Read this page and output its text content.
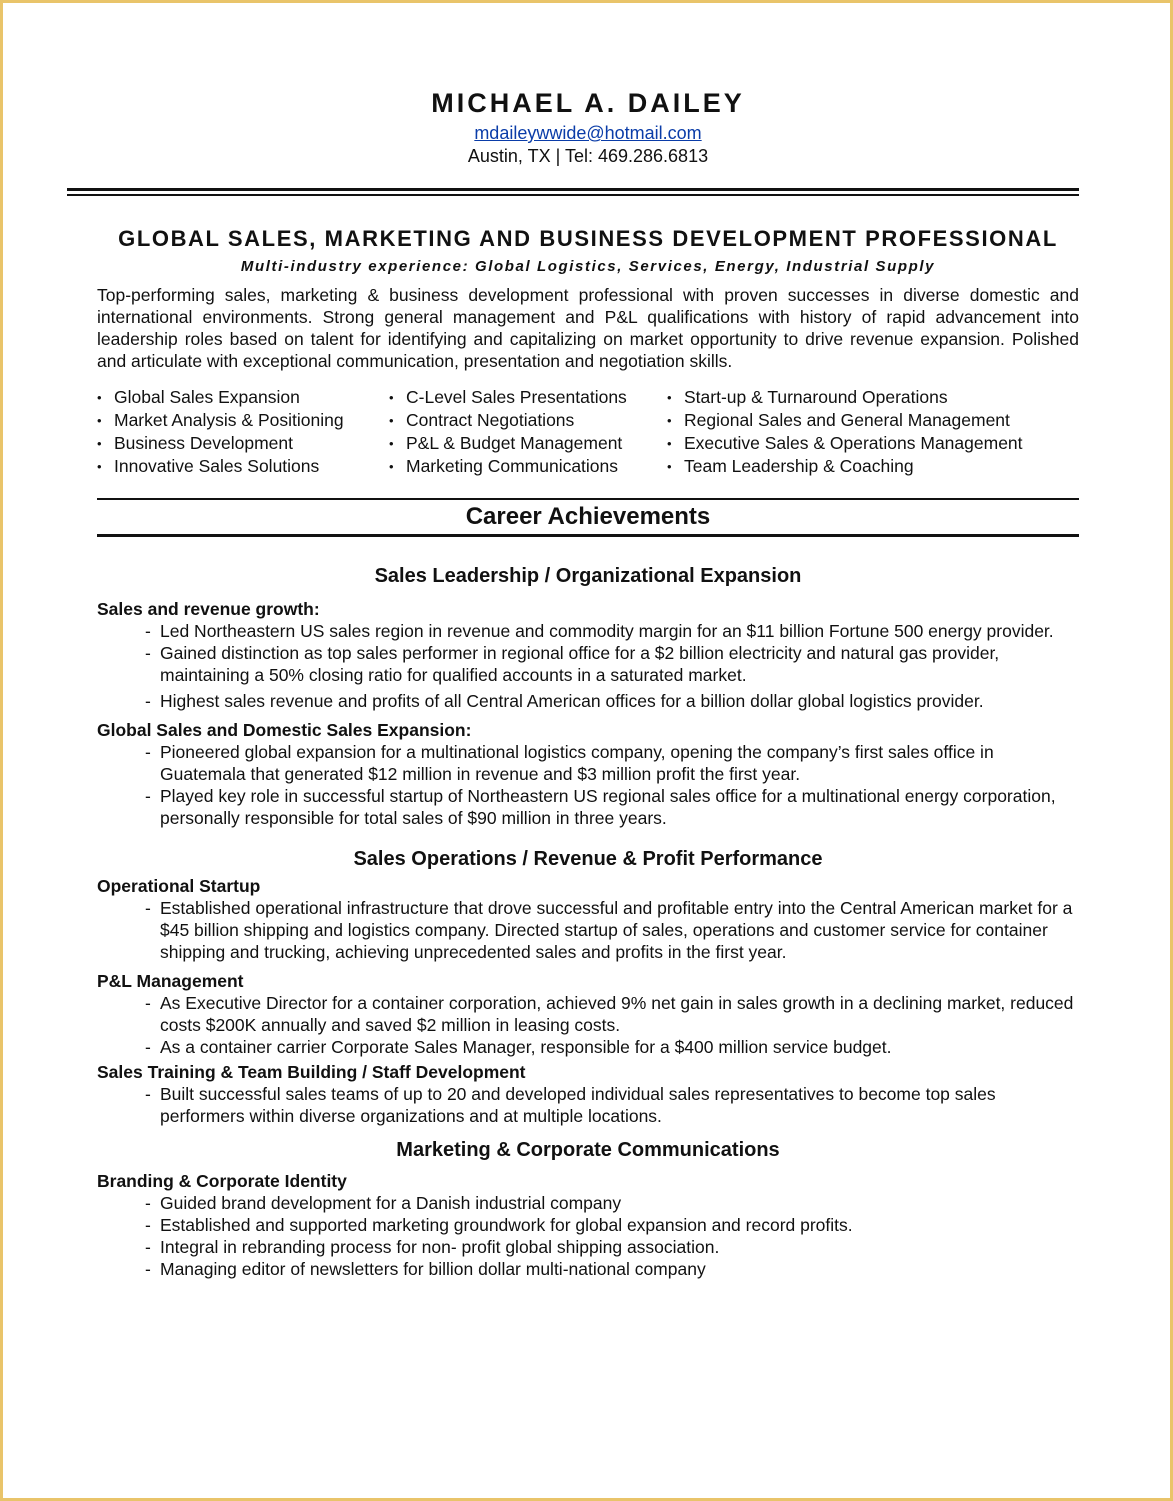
MICHAEL A. DAILEY
mdaileywwide@hotmail.com
Austin, TX | Tel: 469.286.6813
GLOBAL SALES, MARKETING AND BUSINESS DEVELOPMENT PROFESSIONAL
Multi-industry experience: Global Logistics, Services, Energy, Industrial Supply
Top-performing sales, marketing & business development professional with proven successes in diverse domestic and international environments. Strong general management and P&L qualifications with history of rapid advancement into leadership roles based on talent for identifying and capitalizing on market opportunity to drive revenue expansion. Polished and articulate with exceptional communication, presentation and negotiation skills.
• Global Sales Expansion
• Market Analysis & Positioning
• Business Development
• Innovative Sales Solutions
• C-Level Sales Presentations
• Contract Negotiations
• P&L & Budget Management
• Marketing Communications
• Start-up & Turnaround Operations
• Regional Sales and General Management
• Executive Sales & Operations Management
• Team Leadership & Coaching
Career Achievements
Sales Leadership / Organizational Expansion
Sales and revenue growth:
- Led Northeastern US sales region in revenue and commodity margin for an $11 billion Fortune 500 energy provider.
- Gained distinction as top sales performer in regional office for a $2 billion electricity and natural gas provider, maintaining a 50% closing ratio for qualified accounts in a saturated market.
- Highest sales revenue and profits of all Central American offices for a billion dollar global logistics provider.
Global Sales and Domestic Sales Expansion:
- Pioneered global expansion for a multinational logistics company, opening the company’s first sales office in Guatemala that generated $12 million in revenue and $3 million profit the first year.
- Played key role in successful startup of Northeastern US regional sales office for a multinational energy corporation, personally responsible for total sales of $90 million in three years.
Sales Operations / Revenue & Profit Performance
Operational Startup
- Established operational infrastructure that drove successful and profitable entry into the Central American market for a $45 billion shipping and logistics company. Directed startup of sales, operations and customer service for container shipping and trucking, achieving unprecedented sales and profits in the first year.
P&L Management
- As Executive Director for a container corporation, achieved 9% net gain in sales growth in a declining market, reduced costs $200K annually and saved $2 million in leasing costs.
- As a container carrier Corporate Sales Manager, responsible for a $400 million service budget.
Sales Training & Team Building / Staff Development
- Built successful sales teams of up to 20 and developed individual sales representatives to become top sales performers within diverse organizations and at multiple locations.
Marketing & Corporate Communications
Branding & Corporate Identity
- Guided brand development for a Danish industrial company
- Established and supported marketing groundwork for global expansion and record profits.
- Integral in rebranding process for non- profit global shipping association.
- Managing editor of newsletters for billion dollar multi-national company
